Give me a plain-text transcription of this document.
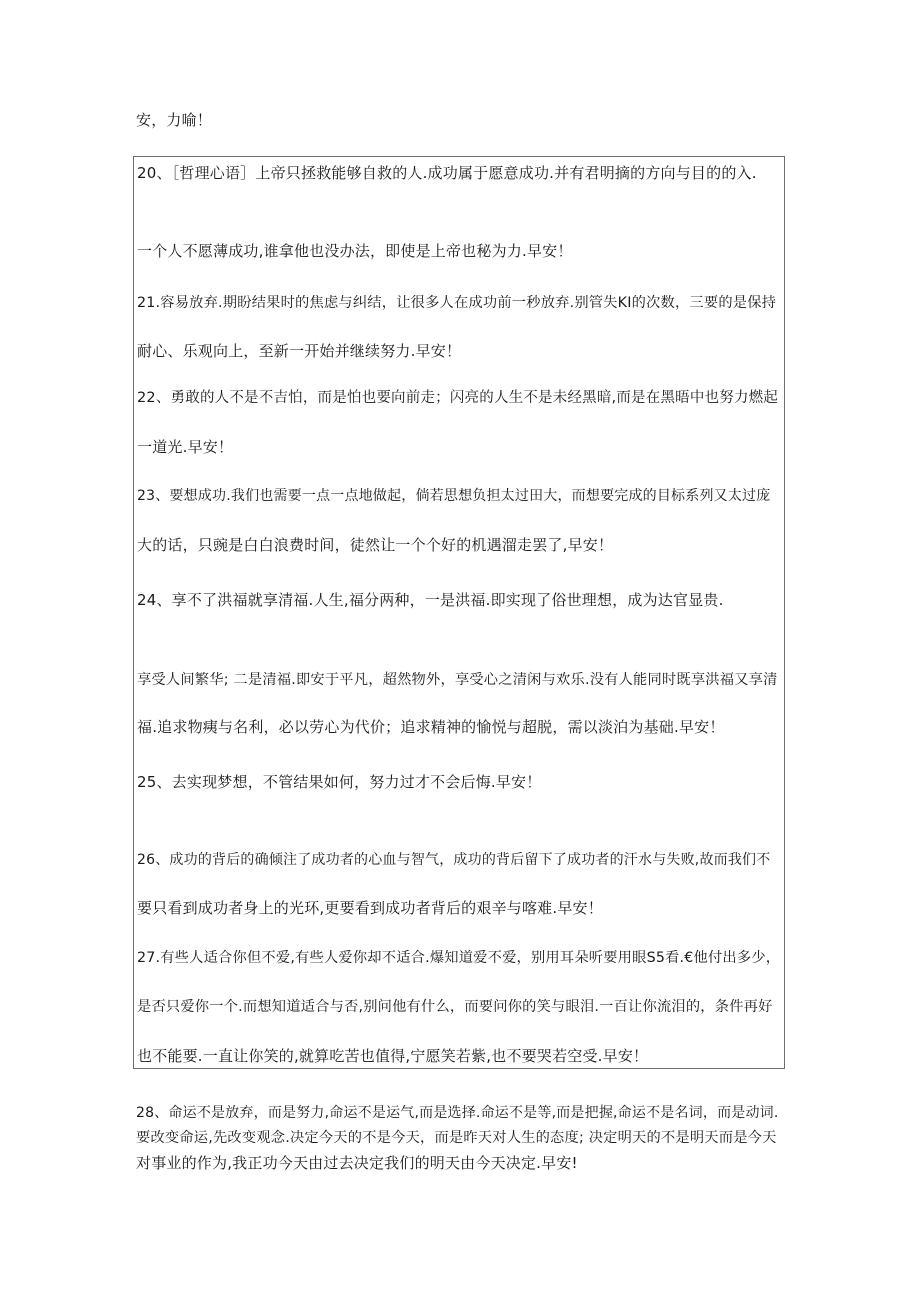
安，力喻！

20、［哲理心语］上帝只拯救能够自救的人.成功属于愿意成功.并有君明摘的方向与目的的入.

一个人不愿薄成功,谁拿他也没办法，即使是上帝也秘为力.早安！

21.容易放弃.期盼结果时的焦虑与纠结，让很多人在成功前一秒放弃.别管失KI的次数，三要的是保持

耐心、乐观向上，至新一开始并继续努力.早安！

22、勇敢的人不是不吉怕，而是怕也要向前走；闪亮的人生不是未经黑暗,而是在黑晤中也努力燃起

一道光.早安！

23、要想成功.我们也需要一点一点地做起，倘若思想负担太过田大，而想要完成的目标系列又太过庞

大的话，只豌是白白浪费时间，徒然让一个个好的机遇溜走罢了,早安！

24、享不了洪福就享清福.人生,福分两种，一是洪福.即实现了俗世理想，成为达官显贵.

享受人间繁华; 二是清福.即安于平凡，超然物外，享受心之清闲与欢乐.没有人能同时既享洪福又享清

福.追求物痍与名利，必以劳心为代价；追求精神的愉悦与超脱，需以淡泊为基础.早安！

25、去实现梦想，不管结果如何，努力过才不会后悔.早安！

26、成功的背后的确倾注了成功者的心血与智气，成功的背后留下了成功者的汗水与失败,故而我们不

要只看到成功者身上的光环,更要看到成功者背后的艰辛与喀难.早安！

27.有些人适合你但不爱,有些人爱你却不适合.爆知道爱不爱，别用耳朵听要用眼S5看.€他付出多少，

是否只爱你一个.而想知道适合与否,别问他有什么，而要问你的笑与眼泪.一百让你流泪的，条件再好

也不能要.一直让你笑的,就算吃苦也值得,宁愿笑若紫,也不要哭若空受.早安！

28、命运不是放弃，而是努力,命运不是运气,而是选择.命运不是等,而是把握,命运不是名词，而是动词.

要改变命运,先改变观念.决定今天的不是今天，而是昨天对人生的态度; 决定明天的不是明天而是今天

对事业的作为,我正功今天由过去决定我们的明天由今天决定.早安!
